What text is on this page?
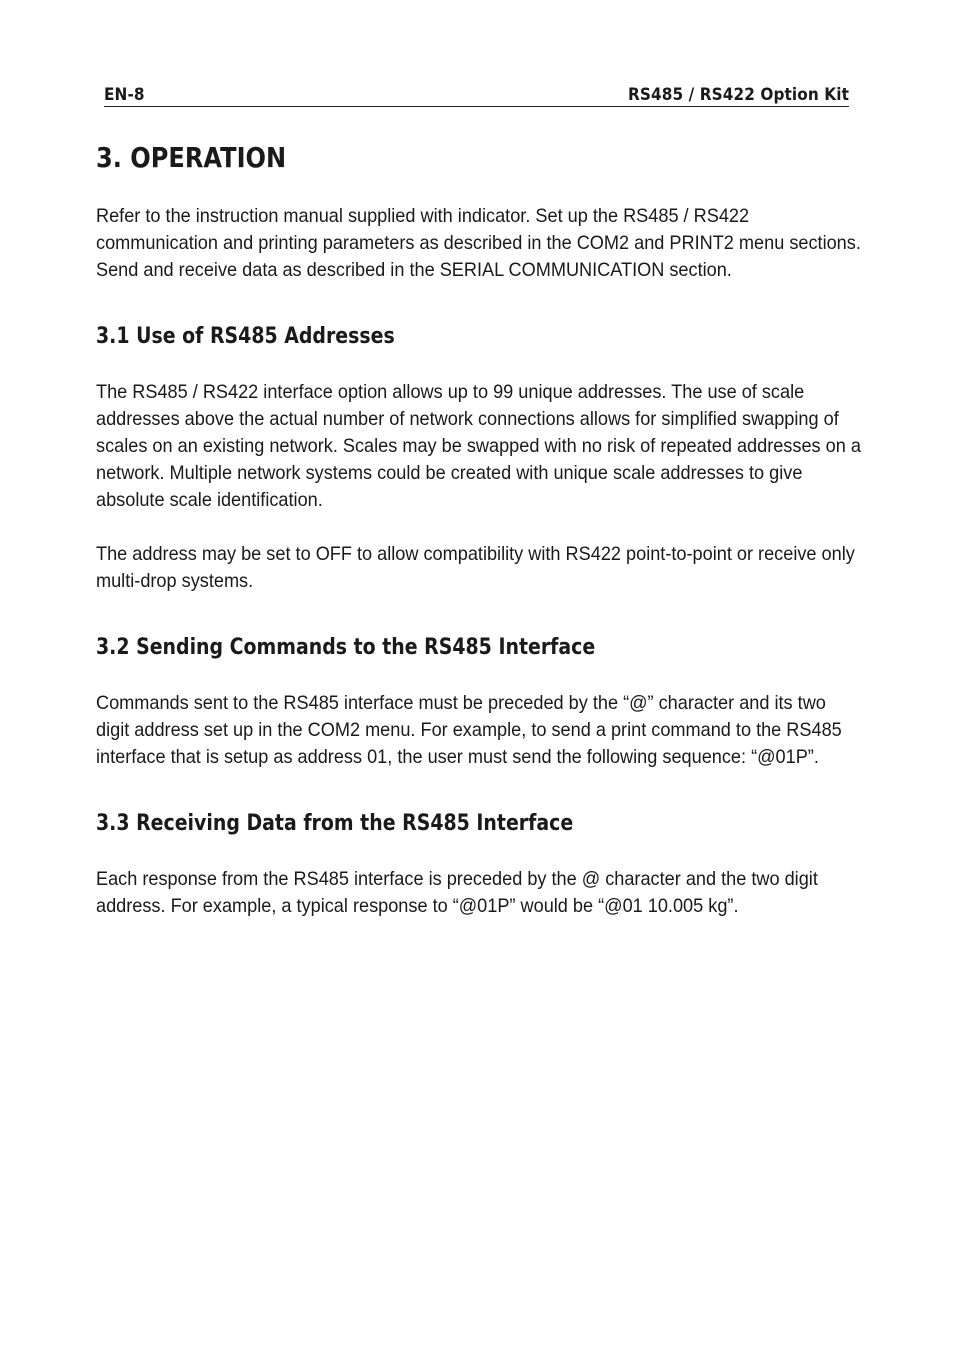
EN-8	RS485 / RS422 Option Kit
3. OPERATION

Refer to the instruction manual supplied with indicator. Set up the RS485 / RS422 communication and printing parameters as described in the COM2 and PRINT2 menu sections. Send and receive data as described in the SERIAL COMMUNICATION section.

3.1 Use of RS485 Addresses

The RS485 / RS422 interface option allows up to 99 unique addresses. The use of scale addresses above the actual number of network connections allows for simplified swapping of scales on an existing network. Scales may be swapped with no risk of repeated addresses on a network. Multiple network systems could be created with unique scale addresses to give absolute scale identification.

The address may be set to OFF to allow compatibility with RS422 point-to-point or receive only multi-drop systems.

3.2 Sending Commands to the RS485 Interface

Commands sent to the RS485 interface must be preceded by the “@” character and its two digit address set up in the COM2 menu. For example, to send a print command to the RS485 interface that is setup as address 01, the user must send the following sequence: “@01P”.

3.3 Receiving Data from the RS485 Interface

Each response from the RS485 interface is preceded by the @ character and the two digit address. For example, a typical response to “@01P” would be “@01 10.005 kg”.
